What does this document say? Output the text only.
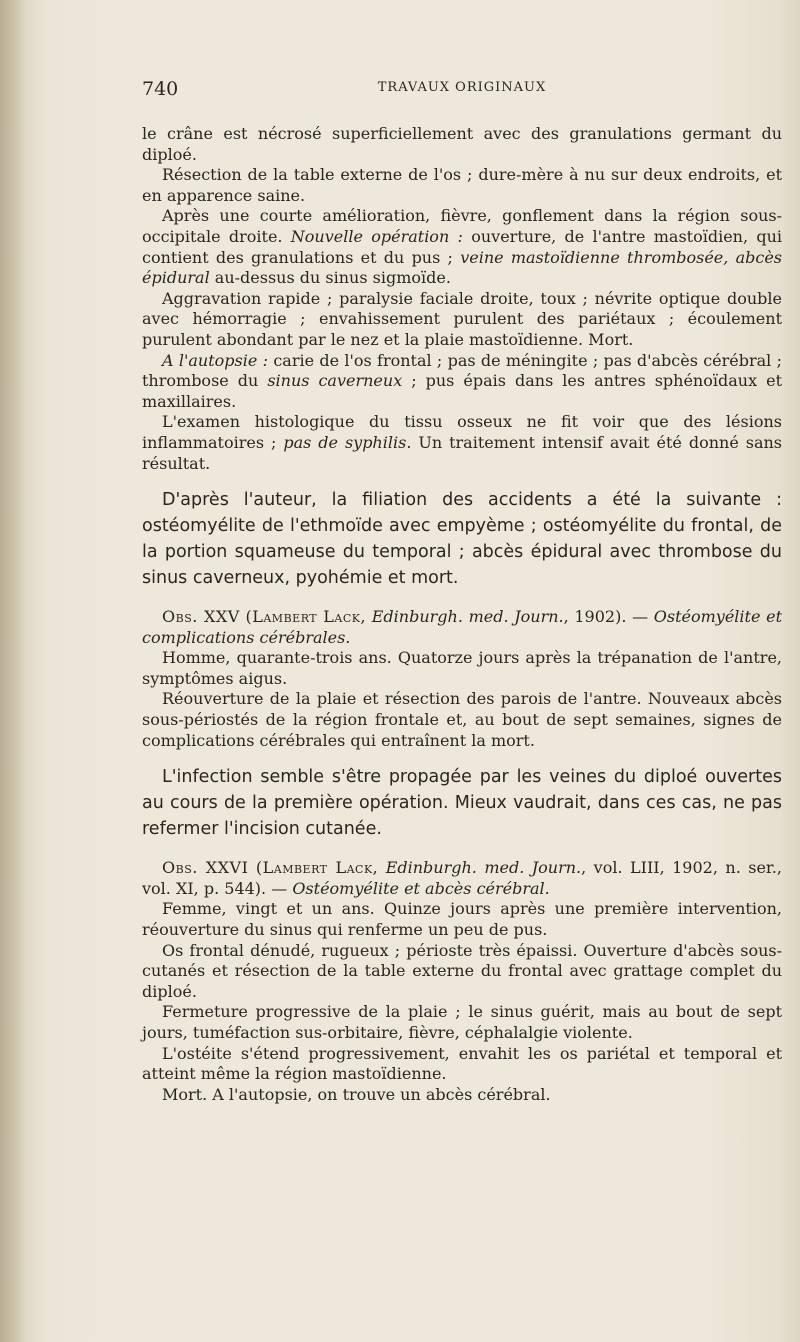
740	TRAVAUX ORIGINAUX

le crâne est nécrosé superficiellement avec des granulations germant du diploé.

Résection de la table externe de l'os ; dure-mère à nu sur deux endroits, et en apparence saine.

Après une courte amélioration, fièvre, gonflement dans la région sous-occipitale droite. Nouvelle opération : ouverture, de l'antre mastoïdien, qui contient des granulations et du pus ; veine mastoïdienne thrombosée, abcès épidural au-dessus du sinus sigmoïde.

Aggravation rapide ; paralysie faciale droite, toux ; névrite optique double avec hémorragie ; envahissement purulent des pariétaux ; écoulement purulent abondant par le nez et la plaie mastoïdienne. Mort.

A l'autopsie : carie de l'os frontal ; pas de méningite ; pas d'abcès cérébral ; thrombose du sinus caverneux ; pus épais dans les antres sphénoïdaux et maxillaires.

L'examen histologique du tissu osseux ne fit voir que des lésions inflammatoires ; pas de syphilis. Un traitement intensif avait été donné sans résultat.

D'après l'auteur, la filiation des accidents a été la suivante : ostéomyélite de l'ethmoïde avec empyème ; ostéomyélite du frontal, de la portion squameuse du temporal ; abcès épidural avec thrombose du sinus caverneux, pyohémie et mort.

Obs. XXV (Lambert Lack, Edinburgh. med. Journ., 1902). — Ostéomyélite et complications cérébrales.

Homme, quarante-trois ans. Quatorze jours après la trépanation de l'antre, symptômes aigus.

Réouverture de la plaie et résection des parois de l'antre. Nouveaux abcès sous-périostés de la région frontale et, au bout de sept semaines, signes de complications cérébrales qui entraînent la mort.

L'infection semble s'être propagée par les veines du diploé ouvertes au cours de la première opération. Mieux vaudrait, dans ces cas, ne pas refermer l'incision cutanée.

Obs. XXVI (Lambert Lack, Edinburgh. med. Journ., vol. LIII, 1902, n. ser., vol. XI, p. 544). — Ostéomyélite et abcès cérébral.

Femme, vingt et un ans. Quinze jours après une première intervention, réouverture du sinus qui renferme un peu de pus.

Os frontal dénudé, rugueux ; périoste très épaissi. Ouverture d'abcès sous-cutanés et résection de la table externe du frontal avec grattage complet du diploé.

Fermeture progressive de la plaie ; le sinus guérit, mais au bout de sept jours, tuméfaction sus-orbitaire, fièvre, céphalalgie violente.

L'ostéite s'étend progressivement, envahit les os pariétal et temporal et atteint même la région mastoïdienne.

Mort. A l'autopsie, on trouve un abcès cérébral.
